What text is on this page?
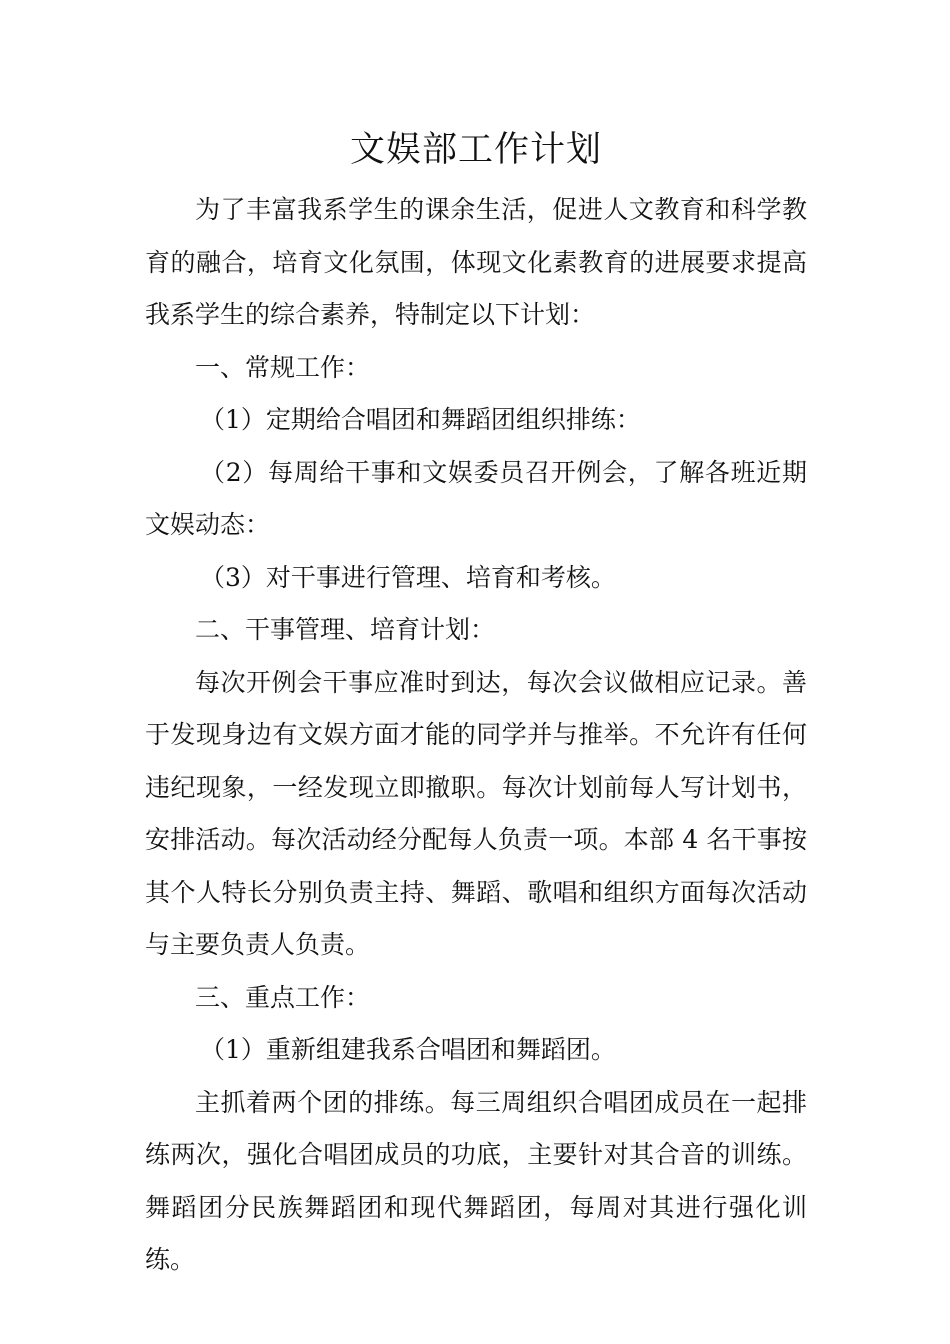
文娱部工作计划

为了丰富我系学生的课余生活，促进人文教育和科学教育的融合，培育文化氛围，体现文化素教育的进展要求提高我系学生的综合素养，特制定以下计划：

一、常规工作：

（1）定期给合唱团和舞蹈团组织排练：

（2）每周给干事和文娱委员召开例会，了解各班近期文娱动态：

（3）对干事进行管理、培育和考核。

二、干事管理、培育计划：

每次开例会干事应准时到达，每次会议做相应记录。善于发现身边有文娱方面才能的同学并与推举。不允许有任何违纪现象，一经发现立即撤职。每次计划前每人写计划书，安排活动。每次活动经分配每人负责一项。本部 4 名干事按其个人特长分别负责主持、舞蹈、歌唱和组织方面每次活动与主要负责人负责。

三、重点工作：

（1）重新组建我系合唱团和舞蹈团。

主抓着两个团的排练。每三周组织合唱团成员在一起排练两次，强化合唱团成员的功底，主要针对其合音的训练。舞蹈团分民族舞蹈团和现代舞蹈团，每周对其进行强化训练。
